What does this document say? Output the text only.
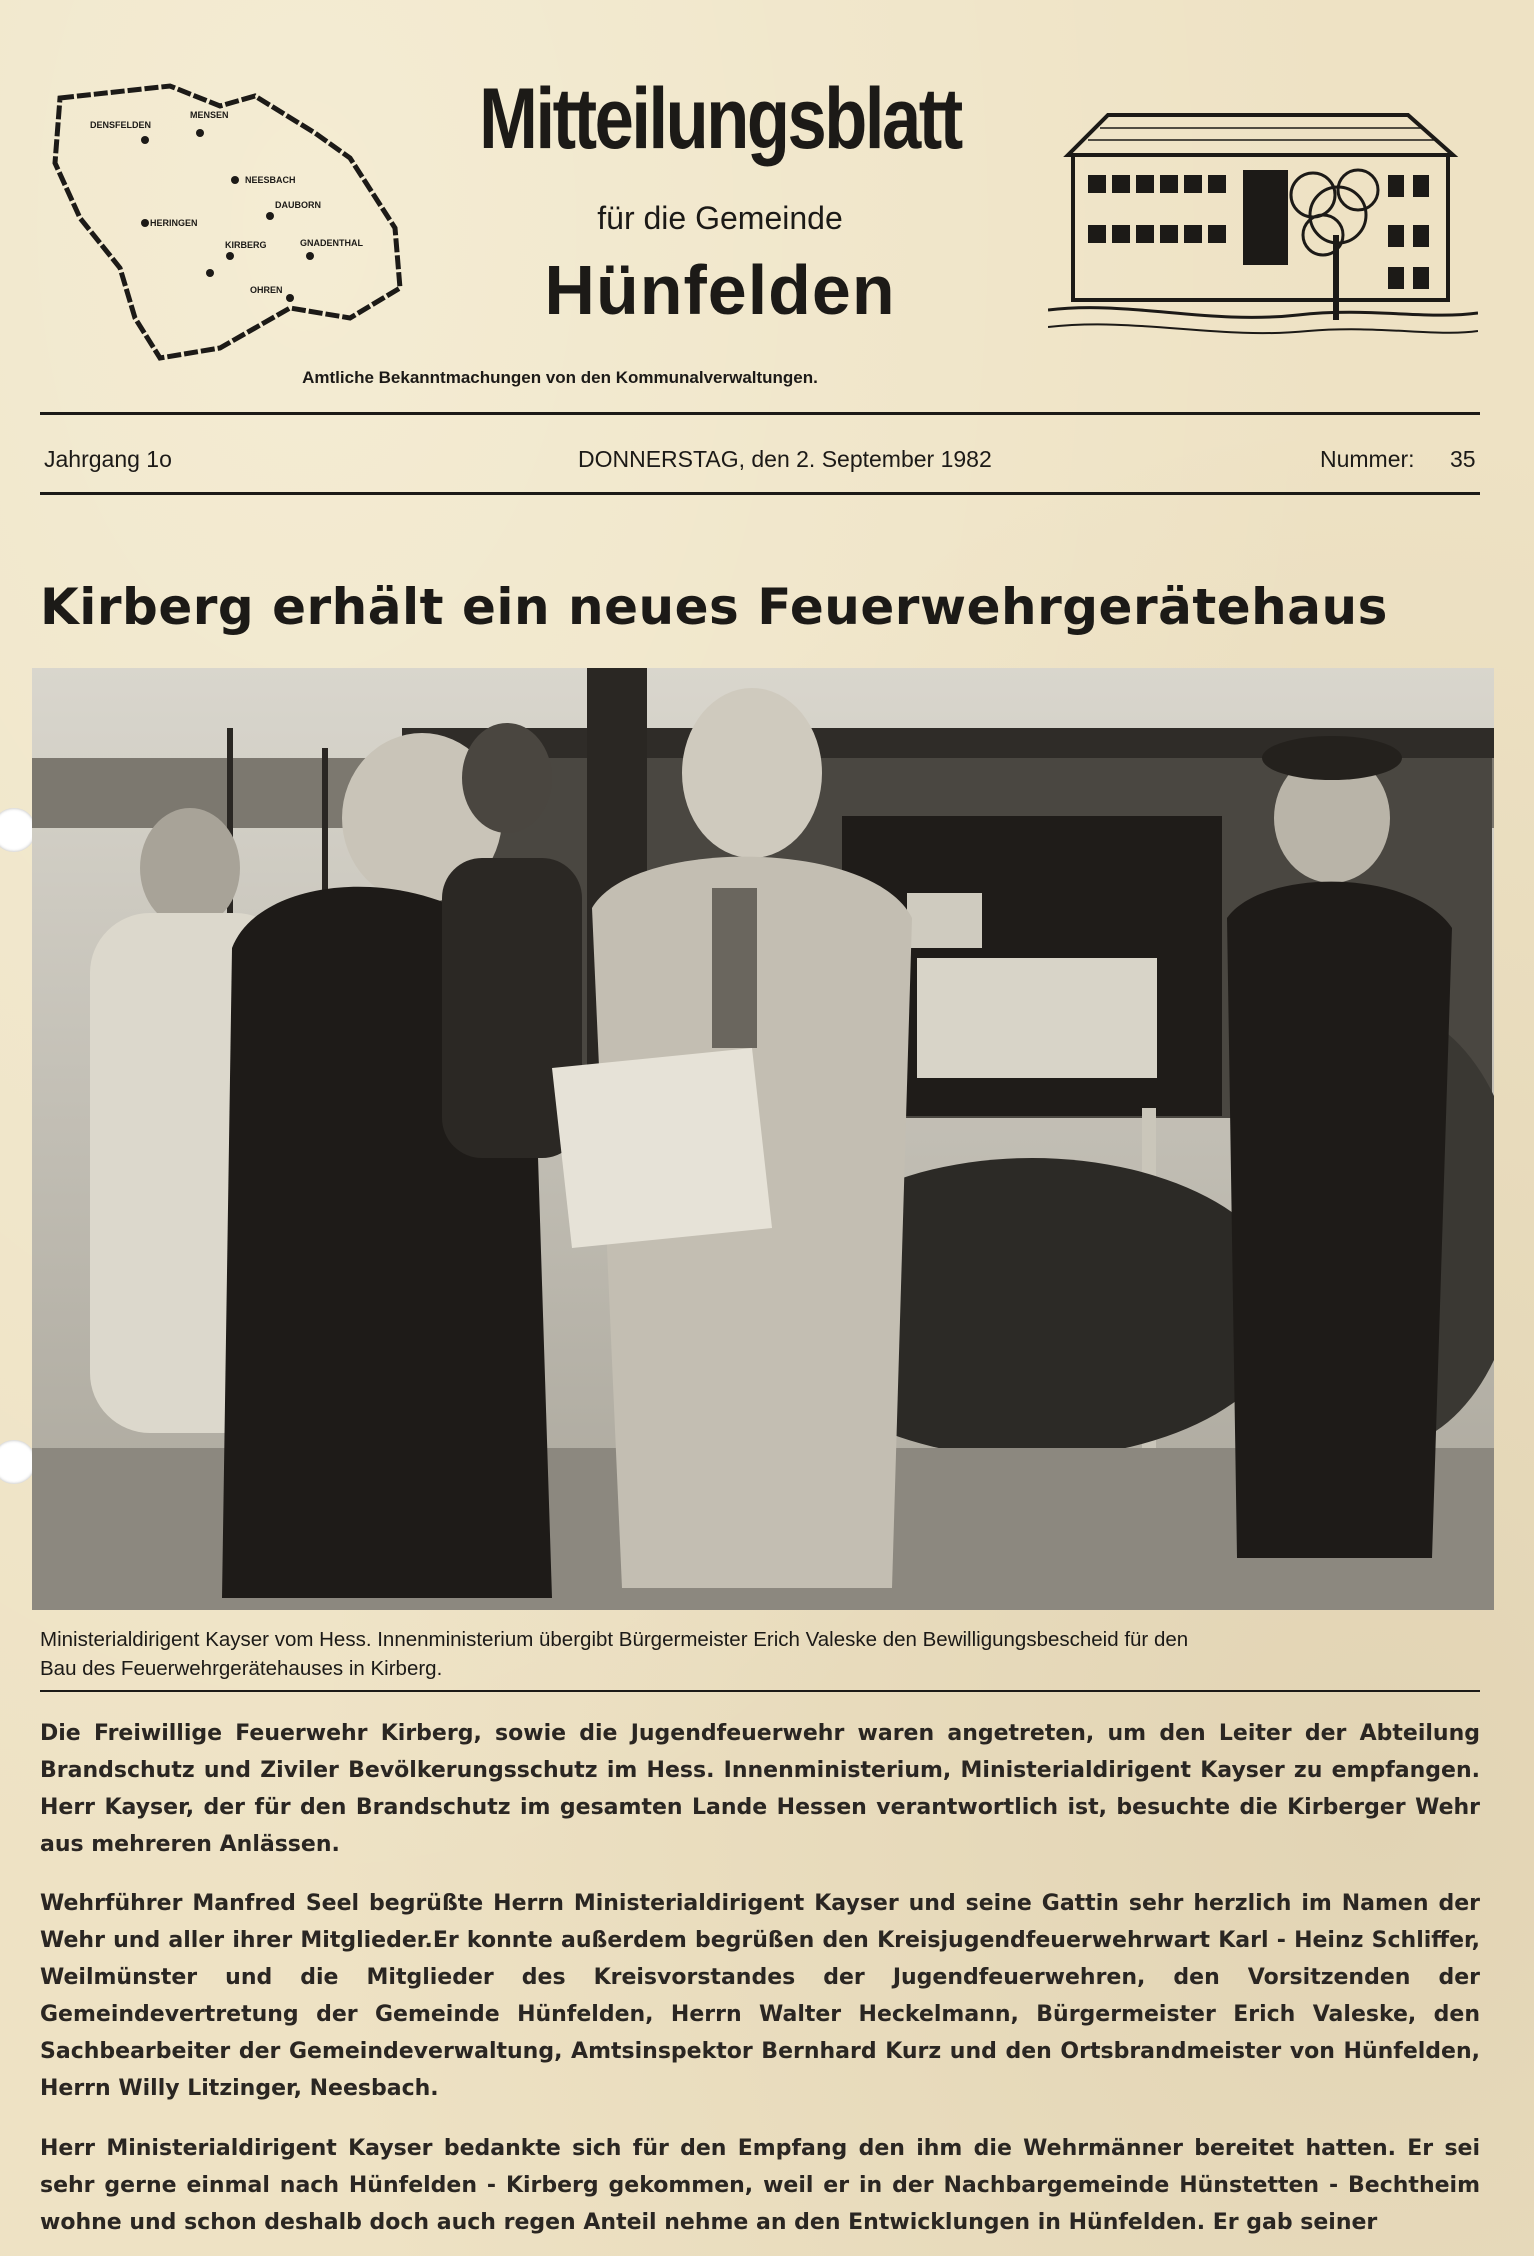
DENSFELDEN
MENSEN
NEESBACH
DAUBORN
HERINGEN
KIRBERG	GNADENTHAL
OHREN
Mitteilungsblatt
für die Gemeinde
Hünfelden
Amtliche Bekanntmachungen von den Kommunalverwaltungen.
Jahrgang 1o	DONNERSTAG, den 2. September 1982	Nummer: 35
Kirberg erhält ein neues Feuerwehrgerätehaus
Ministerialdirigent Kayser vom Hess. Innenministerium übergibt Bürgermeister Erich Valeske den Bewilligungsbescheid für den
Bau des Feuerwehrgerätehauses in Kirberg.

Die Freiwillige Feuerwehr Kirberg, sowie die Jugendfeuerwehr waren angetreten, um den Leiter der Abteilung Brandschutz und Ziviler Bevölkerungsschutz im Hess. Innenministerium, Ministerialdirigent Kayser zu empfangen. Herr Kayser, der für den Brandschutz im gesamten Lande Hessen verantwortlich ist, besuchte die Kirberger Wehr aus mehreren Anlässen.

Wehrführer Manfred Seel begrüßte Herrn Ministerialdirigent Kayser und seine Gattin sehr herzlich im Namen der Wehr und aller ihrer Mitglieder.Er konnte außerdem begrüßen den Kreisjugendfeuerwehrwart Karl - Heinz Schliffer, Weilmünster und die Mitglieder des Kreisvorstandes der Jugendfeuerwehren, den Vorsitzenden der Gemeindevertretung der Gemeinde Hünfelden, Herrn Walter Heckelmann, Bürgermeister Erich Valeske, den Sachbearbeiter der Gemeindeverwaltung, Amtsinspektor Bernhard Kurz und den Ortsbrandmeister von Hünfelden, Herrn Willy Litzinger, Neesbach.

Herr Ministerialdirigent Kayser bedankte sich für den Empfang den ihm die Wehrmänner bereitet hatten. Er sei sehr gerne einmal nach Hünfelden - Kirberg gekommen, weil er in der Nachbargemeinde Hünstetten - Bechtheim wohne und schon deshalb doch auch regen Anteil nehme an den Entwicklungen in Hünfelden. Er gab seiner
